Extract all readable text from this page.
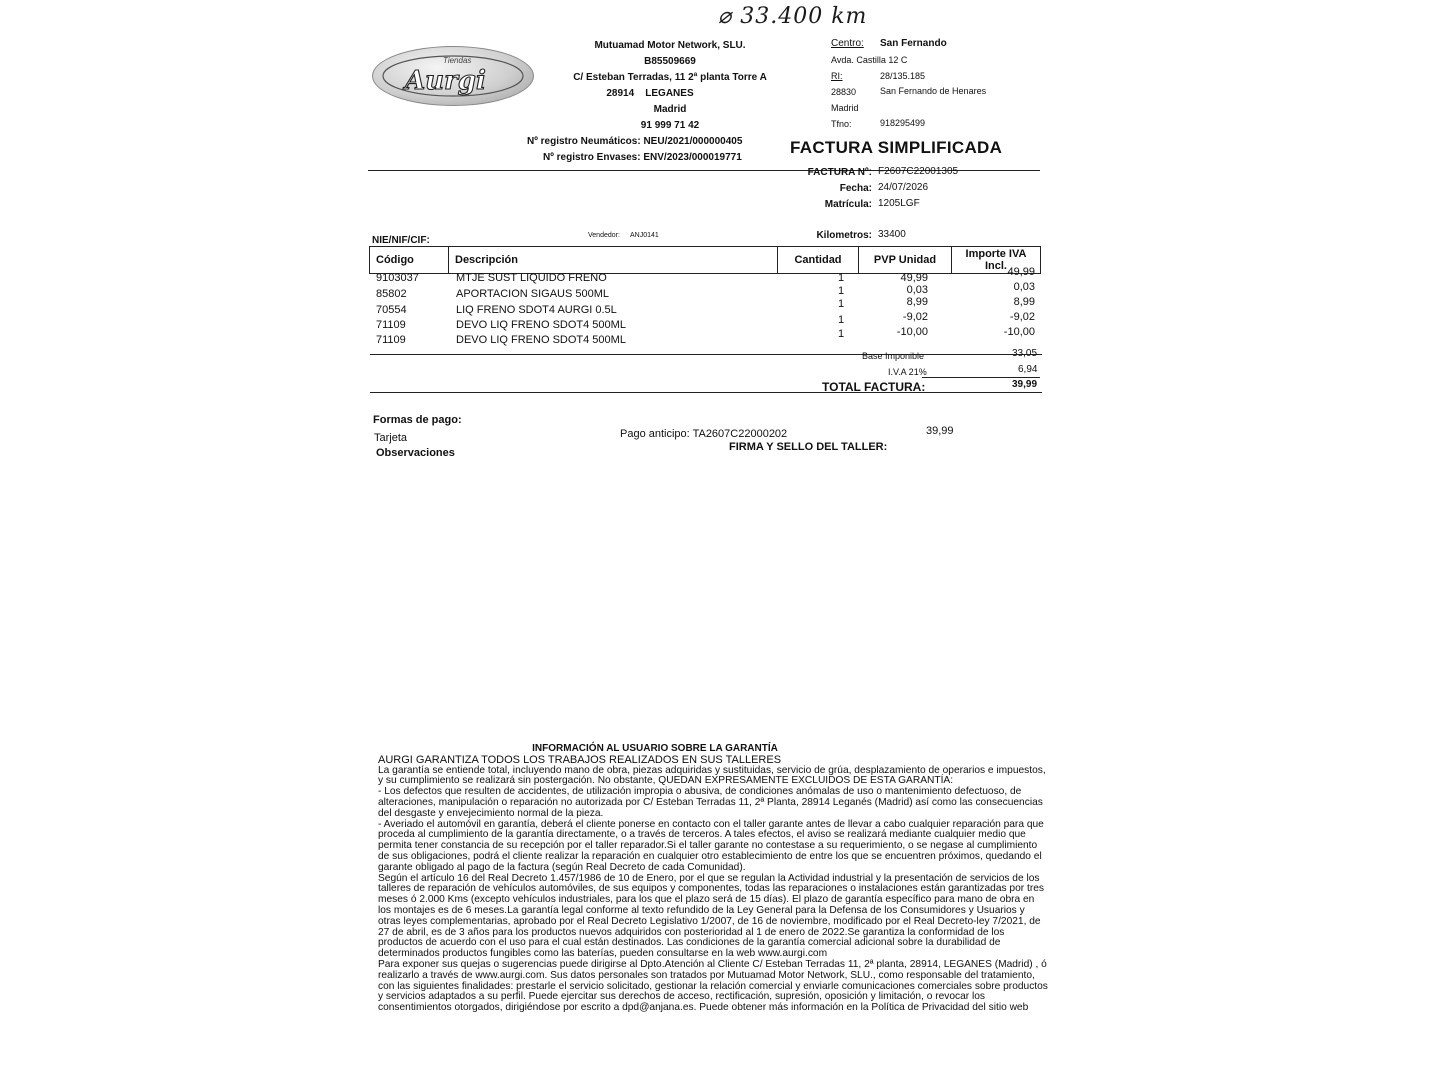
⌀ 33.400 km
Tiendas
Aurgi
Mutuamad Motor Network, SLU.
B85509669
C/ Esteban Terradas, 11 2ª planta Torre A
28914    LEGANES
Madrid
91 999 71 42
Nº registro Neumáticos: NEU/2021/000000405
Nº registro Envases: ENV/2023/000019771
Centro: San Fernando
Avda. Castilla 12 C
RI:	28/135.185
28830	San Fernando de Henares
Madrid
Tfno:	918295499
FACTURA SIMPLIFICADA
FACTURA Nº: F2607C22001305
Fecha: 24/07/2026
Matrícula: 1205LGF
Kilometros: 33400
NIE/NIF/CIF:	Vendedor: ANJ0141
Código	Descripción	Cantidad	PVP Unidad	Importe IVA Incl.
9103037	MTJE SUST LIQUIDO FRENO	1	49,99	49,99
85802	APORTACION SIGAUS 500ML	1	0,03	0,03
70554	LIQ FRENO SDOT4 AURGI 0.5L	1	8,99	8,99
71109	DEVO LIQ FRENO SDOT4 500ML	1	-9,02	-9,02
71109	DEVO LIQ FRENO SDOT4 500ML	1	-10,00	-10,00
Base Imponible	33,05
I.V.A 21%	6,94
TOTAL FACTURA:	39,99
Formas de pago:
Tarjeta	Pago anticipo: TA2607C22000202	39,99
Observaciones	FIRMA Y SELLO DEL TALLER:
INFORMACIÓN AL USUARIO SOBRE LA GARANTÍA
AURGI GARANTIZA TODOS LOS TRABAJOS REALIZADOS EN SUS TALLERES
La garantía se entiende total, incluyendo mano de obra, piezas adquiridas y sustituidas, servicio de grúa, desplazamiento de operarios e impuestos,
y su cumplimiento se realizará sin postergación. No obstante, QUEDAN EXPRESAMENTE EXCLUIDOS DE ESTA GARANTÍA:
- Los defectos que resulten de accidentes, de utilización impropia o abusiva, de condiciones anómalas de uso o mantenimiento defectuoso, de
alteraciones, manipulación o reparación no autorizada por C/ Esteban Terradas 11, 2ª Planta, 28914 Leganés (Madrid) así como las consecuencias
del desgaste y envejecimiento normal de la pieza.
- Averiado el automóvil en garantía, deberá el cliente ponerse en contacto con el taller garante antes de llevar a cabo cualquier reparación para que
proceda al cumplimiento de la garantía directamente, o a través de terceros. A tales efectos, el aviso se realizará mediante cualquier medio que
permita tener constancia de su recepción por el taller reparador.Si el taller garante no contestase a su requerimiento, o se negase al cumplimiento
de sus obligaciones, podrá el cliente realizar la reparación en cualquier otro establecimiento de entre los que se encuentren próximos, quedando el
garante obligado al pago de la factura (según Real Decreto de cada Comunidad).
Según el artículo 16 del Real Decreto 1.457/1986 de 10 de Enero, por el que se regulan la Actividad industrial y la presentación de servicios de los
talleres de reparación de vehículos automóviles, de sus equipos y componentes, todas las reparaciones o instalaciones están garantizadas por tres
meses ó 2.000 Kms (excepto vehículos industriales, para los que el plazo será de 15 días). El plazo de garantía específico para mano de obra en
los montajes es de 6 meses.La garantía legal conforme al texto refundido de la Ley General para la Defensa de los Consumidores y Usuarios y
otras leyes complementarias, aprobado por el Real Decreto Legislativo 1/2007, de 16 de noviembre, modificado por el Real Decreto-ley 7/2021, de
27 de abril, es de 3 años para los productos nuevos adquiridos con posterioridad al 1 de enero de 2022.Se garantiza la conformidad de los
productos de acuerdo con el uso para el cual están destinados. Las condiciones de la garantía comercial adicional sobre la durabilidad de
determinados productos fungibles como las baterías, pueden consultarse en la web www.aurgi.com
Para exponer sus quejas o sugerencias puede dirigirse al Dpto.Atención al Cliente C/ Esteban Terradas 11, 2ª planta, 28914, LEGANES (Madrid) , ó
realizarlo a través de www.aurgi.com. Sus datos personales son tratados por Mutuamad Motor Network, SLU., como responsable del tratamiento,
con las siguientes finalidades: prestarle el servicio solicitado, gestionar la relación comercial y enviarle comunicaciones comerciales sobre productos
y servicios adaptados a su perfil. Puede ejercitar sus derechos de acceso, rectificación, supresión, oposición y limitación, o revocar los
consentimientos otorgados, dirigiéndose por escrito a dpd@anjana.es. Puede obtener más información en la Política de Privacidad del sitio web
